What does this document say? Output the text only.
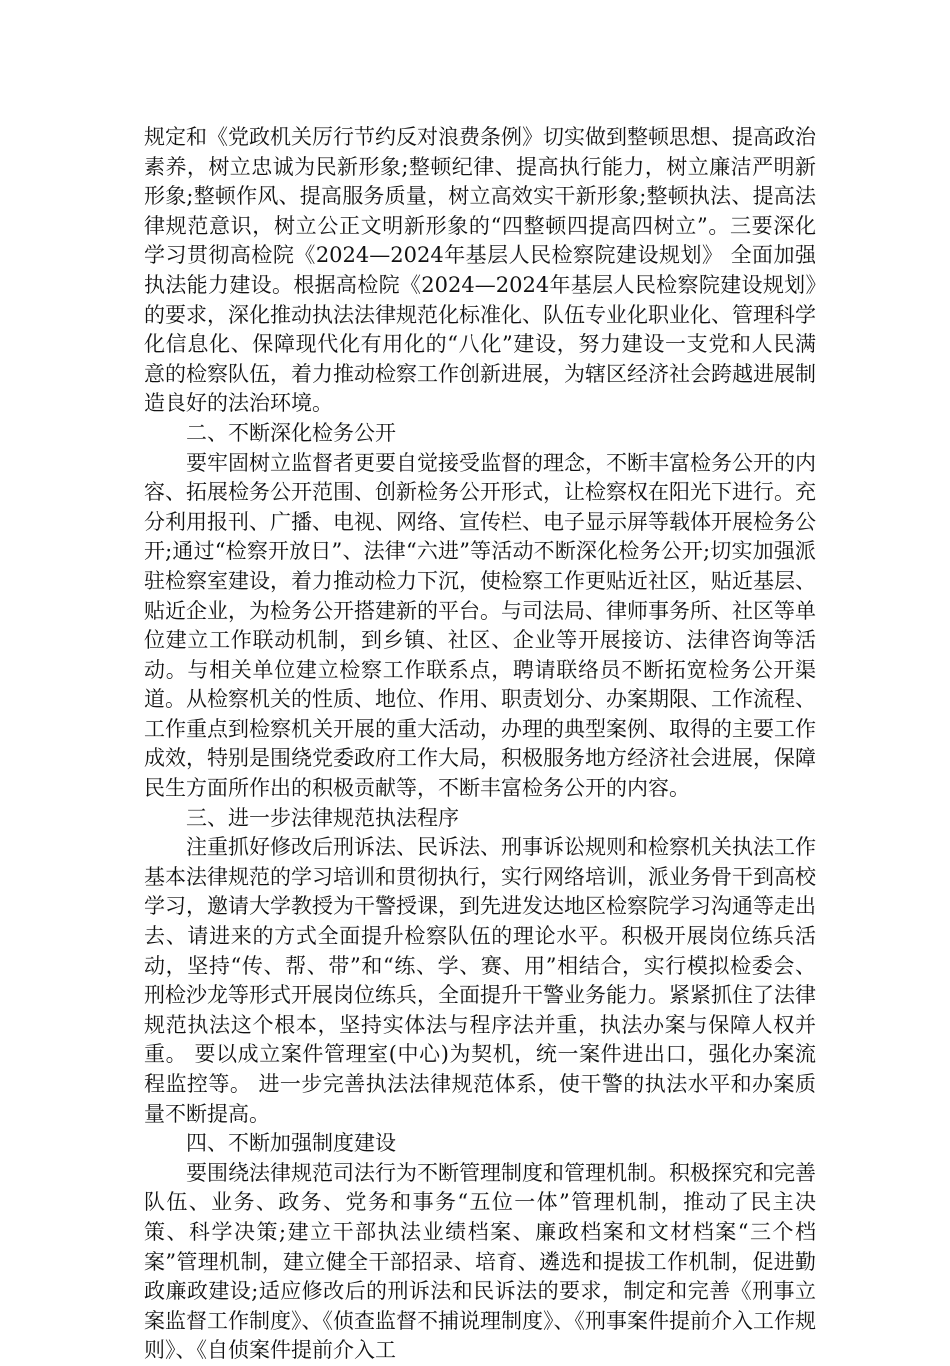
规定和《党政机关厉行节约反对浪费条例》切实做到整顿思想、提高政治素养，树立忠诚为民新形象;整顿纪律、提高执行能力，树立廉洁严明新形象;整顿作风、提高服务质量，树立高效实干新形象;整顿执法、提高法律规范意识，树立公正文明新形象的“四整顿四提高四树立”。三要深化学习贯彻高检院《2024—2024年基层人民检察院建设规划》 全面加强执法能力建设。根据高检院《2024—2024年基层人民检察院建设规划》的要求，深化推动执法法律规范化标准化、队伍专业化职业化、管理科学化信息化、保障现代化有用化的“八化”建设，努力建设一支党和人民满意的检察队伍，着力推动检察工作创新进展，为辖区经济社会跨越进展制造良好的法治环境。

二、不断深化检务公开

要牢固树立监督者更要自觉接受监督的理念，不断丰富检务公开的内容、拓展检务公开范围、创新检务公开形式，让检察权在阳光下进行。充分利用报刊、广播、电视、网络、宣传栏、电子显示屏等载体开展检务公开;通过“检察开放日”、法律“六进”等活动不断深化检务公开;切实加强派驻检察室建设，着力推动检力下沉，使检察工作更贴近社区，贴近基层、贴近企业，为检务公开搭建新的平台。与司法局、律师事务所、社区等单位建立工作联动机制，到乡镇、社区、企业等开展接访、法律咨询等活动。与相关单位建立检察工作联系点，聘请联络员不断拓宽检务公开渠道。从检察机关的性质、地位、作用、职责划分、办案期限、工作流程、工作重点到检察机关开展的重大活动，办理的典型案例、取得的主要工作成效，特别是围绕党委政府工作大局，积极服务地方经济社会进展，保障民生方面所作出的积极贡献等，不断丰富检务公开的内容。

三、进一步法律规范执法程序

注重抓好修改后刑诉法、民诉法、刑事诉讼规则和检察机关执法工作基本法律规范的学习培训和贯彻执行，实行网络培训，派业务骨干到高校学习，邀请大学教授为干警授课，到先进发达地区检察院学习沟通等走出去、请进来的方式全面提升检察队伍的理论水平。积极开展岗位练兵活动，坚持“传、帮、带”和“练、学、赛、用”相结合，实行模拟检委会、刑检沙龙等形式开展岗位练兵，全面提升干警业务能力。紧紧抓住了法律规范执法这个根本，坚持实体法与程序法并重，执法办案与保障人权并重。 要以成立案件管理室(中心)为契机，统一案件进出口，强化办案流程监控等。 进一步完善执法法律规范体系，使干警的执法水平和办案质量不断提高。

四、不断加强制度建设

要围绕法律规范司法行为不断管理制度和管理机制。积极探究和完善队伍、业务、政务、党务和事务“五位一体”管理机制，推动了民主决策、科学决策;建立干部执法业绩档案、廉政档案和文材档案“三个档案”管理机制，建立健全干部招录、培育、遴选和提拔工作机制，促进勤政廉政建设;适应修改后的刑诉法和民诉法的要求，制定和完善《刑事立案监督工作制度》、《侦查监督不捕说理制度》、《刑事案件提前介入工作规则》、《自侦案件提前介入工
